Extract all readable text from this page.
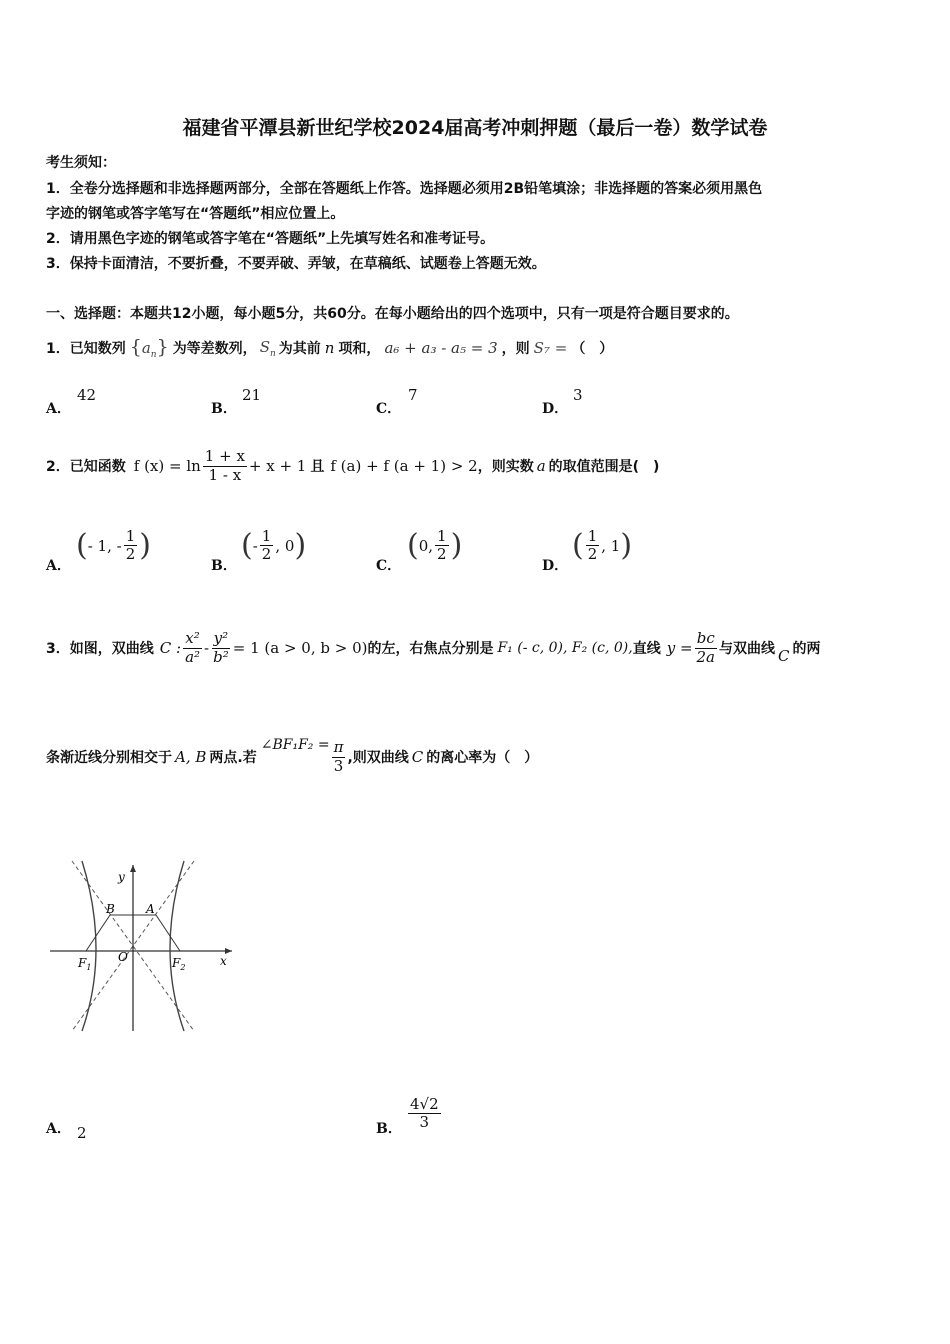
福建省平潭县新世纪学校2024届高考冲刺押题（最后一卷）数学试卷
考生须知：
1．全卷分选择题和非选择题两部分，全部在答题纸上作答。选择题必须用2B铅笔填涂；非选择题的答案必须用黑色
字迹的钢笔或答字笔写在“答题纸”相应位置上。
2．请用黑色字迹的钢笔或答字笔在“答题纸”上先填写姓名和准考证号。
3．保持卡面清洁，不要折叠，不要弄破、弄皱，在草稿纸、试题卷上答题无效。
一、选择题：本题共12小题，每小题5分，共60分。在每小题给出的四个选项中，只有一项是符合题目要求的。
1．已知数列 $\{a_n\}$ 为等差数列， $S_n$ 为其前 n 项和， a₆ + a₃ - a₅ = 3 ，则 S₇ = （　）
A．
42
B．
21
C．
7
D．
3
2．已知函数 f $(x) = \ln \frac{1 + x}{1 - x} + x + 1$ 且 f (a) + f (a + 1) > 2 ，则实数 a 的取值范围是(　)
A．
( - 1, - $\frac{1}{2}$ )
B．
( - $\frac{1}{2}$ , 0 )
C．
( 0, $\frac{1}{2}$ )
D．
( $\frac{1}{2}$ , 1 )
3．如图，双曲线 C : $\frac{\text{x²}}{\text{a²}} - \frac{\text{y²}}{\text{b²}} = 1$ (a > 0, b > 0) 的左，右焦点分别是 F₁ (- c, 0), F₂ (c, 0), 直线 $y = \frac{bc}{2a}$ 与双曲线 C 的两
条渐近线分别相交于 A, B 两点.若
∠BF₁F₂ = $\frac{\pi}{3}$ ,则双曲线 C 的离心率为（　）
y
x
O
A
B
$F_1$	$F_2$
A． 2	B． $\frac{4√2}{3}$
